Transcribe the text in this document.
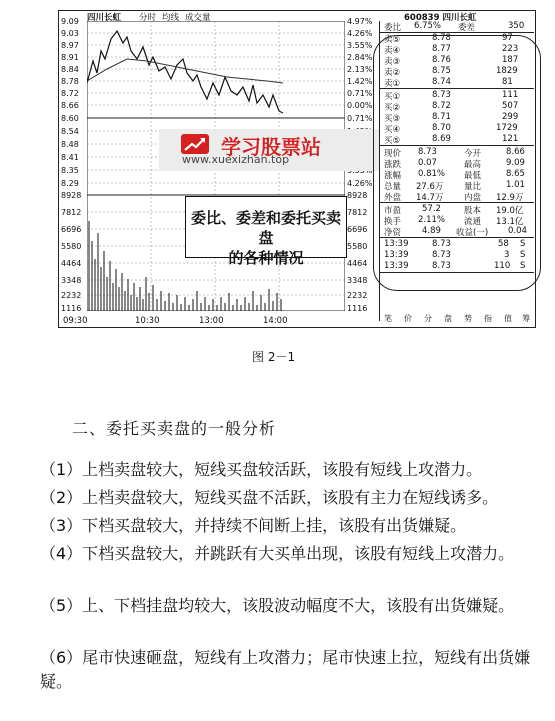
四川长虹 分时 均线 成交量	600839 四川长虹
9.09
9.03
8.97
8.91
8.84
8.78
8.72
8.66
8.60
8.54
8.48
8.41
8.35
8.29
8928
7812
6696
5580
4464
3348
2232
1116
4.97%
4.26%
3.55%
2.84%
2.13%
1.42%
0.71%
0.00%
0.71%
4.26%
8928
7812
6696
5580
4464
3348
2232
1116
09:30	10:30	13:00	14:00
委比 6.75% 委差	350
卖⑤	8.78	97
卖④	8.77	223
卖③	8.76	187
卖②	8.75	1829
卖①	8.74	81
买①	8.73	111
买②	8.72	507
买③	8.71	299
买④	8.70	1729
买⑤	8.69	121
现价 8.73	今开	8.66
涨跌 0.07	最高	9.09
涨幅 0.81% 最低	8.65
总量 27.6万 量比	1.01
外盘 14.7万 内盘 12.9万
市盈 57.2	股本 19.0亿
换手 2.11% 流通 13.1亿
净资 4.89 收益(一) 0.04
13:39	8.73	58 S
13:39	8.73	3 S
13:39	8.73	110 S
笔 价 分 盘 势 指 值 筹
学习股票站
www.xuexizhan.top
委比、委差和委托买卖盘
的各种情况
图 2－1
二、委托买卖盘的一般分析
（1）上档卖盘较大，短线买盘较活跃，该股有短线上攻潜力。
（2）上档卖盘较大，短线买盘不活跃，该股有主力在短线诱多。
（3）下档买盘较大，并持续不间断上挂，该股有出货嫌疑。
（4）下档买盘较大，并跳跃有大买单出现，该股有短线上攻潜力。
（5）上、下档挂盘均较大，该股波动幅度不大，该股有出货嫌疑。
（6）尾市快速砸盘，短线有上攻潜力；尾市快速上拉，短线有出货嫌疑。
